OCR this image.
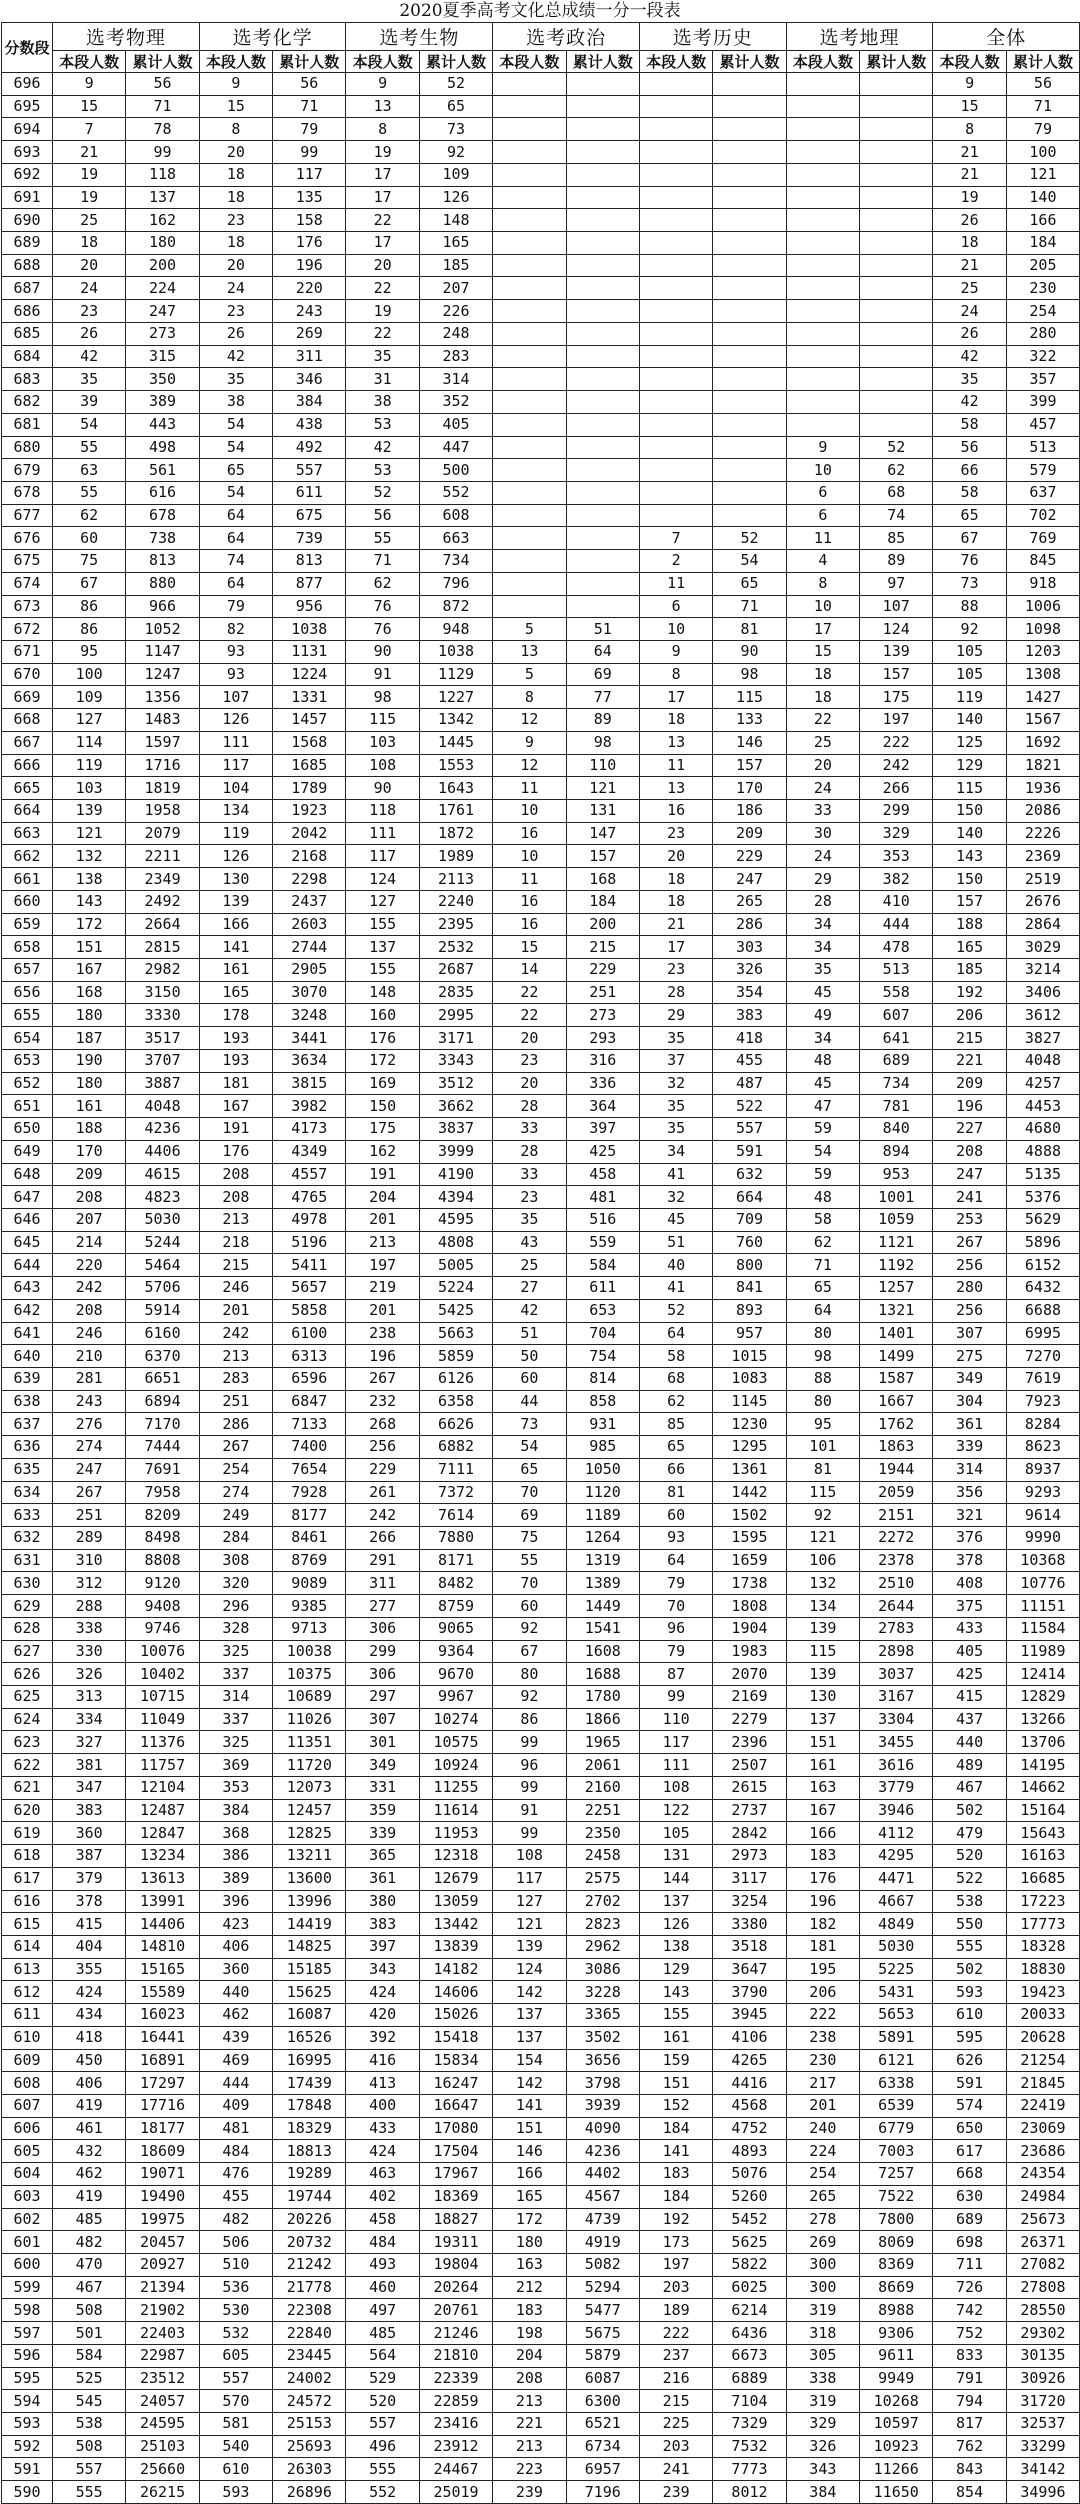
2020夏季高考文化总成绩一分一段表
分数段	选考物理		选考化学		选考生物		选考政治		选考历史		选考地理		全体	
	本段人数	累计人数	本段人数	累计人数	本段人数	累计人数	本段人数	累计人数	本段人数	累计人数	本段人数	累计人数	本段人数	累计人数
696	9	56	9	56	9	52							9	56
695	15	71	15	71	13	65							15	71
694	7	78	8	79	8	73							8	79
693	21	99	20	99	19	92							21	100
692	19	118	18	117	17	109							21	121
691	19	137	18	135	17	126							19	140
690	25	162	23	158	22	148							26	166
689	18	180	18	176	17	165							18	184
688	20	200	20	196	20	185							21	205
687	24	224	24	220	22	207							25	230
686	23	247	23	243	19	226							24	254
685	26	273	26	269	22	248							26	280
684	42	315	42	311	35	283							42	322
683	35	350	35	346	31	314							35	357
682	39	389	38	384	38	352							42	399
681	54	443	54	438	53	405							58	457
680	55	498	54	492	42	447					9	52	56	513
679	63	561	65	557	53	500					10	62	66	579
678	55	616	54	611	52	552					6	68	58	637
677	62	678	64	675	56	608					6	74	65	702
676	60	738	64	739	55	663			7	52	11	85	67	769
675	75	813	74	813	71	734			2	54	4	89	76	845
674	67	880	64	877	62	796			11	65	8	97	73	918
673	86	966	79	956	76	872			6	71	10	107	88	1006
672	86	1052	82	1038	76	948	5	51	10	81	17	124	92	1098
671	95	1147	93	1131	90	1038	13	64	9	90	15	139	105	1203
670	100	1247	93	1224	91	1129	5	69	8	98	18	157	105	1308
669	109	1356	107	1331	98	1227	8	77	17	115	18	175	119	1427
668	127	1483	126	1457	115	1342	12	89	18	133	22	197	140	1567
667	114	1597	111	1568	103	1445	9	98	13	146	25	222	125	1692
666	119	1716	117	1685	108	1553	12	110	11	157	20	242	129	1821
665	103	1819	104	1789	90	1643	11	121	13	170	24	266	115	1936
664	139	1958	134	1923	118	1761	10	131	16	186	33	299	150	2086
663	121	2079	119	2042	111	1872	16	147	23	209	30	329	140	2226
662	132	2211	126	2168	117	1989	10	157	20	229	24	353	143	2369
661	138	2349	130	2298	124	2113	11	168	18	247	29	382	150	2519
660	143	2492	139	2437	127	2240	16	184	18	265	28	410	157	2676
659	172	2664	166	2603	155	2395	16	200	21	286	34	444	188	2864
658	151	2815	141	2744	137	2532	15	215	17	303	34	478	165	3029
657	167	2982	161	2905	155	2687	14	229	23	326	35	513	185	3214
656	168	3150	165	3070	148	2835	22	251	28	354	45	558	192	3406
655	180	3330	178	3248	160	2995	22	273	29	383	49	607	206	3612
654	187	3517	193	3441	176	3171	20	293	35	418	34	641	215	3827
653	190	3707	193	3634	172	3343	23	316	37	455	48	689	221	4048
652	180	3887	181	3815	169	3512	20	336	32	487	45	734	209	4257
651	161	4048	167	3982	150	3662	28	364	35	522	47	781	196	4453
650	188	4236	191	4173	175	3837	33	397	35	557	59	840	227	4680
649	170	4406	176	4349	162	3999	28	425	34	591	54	894	208	4888
648	209	4615	208	4557	191	4190	33	458	41	632	59	953	247	5135
647	208	4823	208	4765	204	4394	23	481	32	664	48	1001	241	5376
646	207	5030	213	4978	201	4595	35	516	45	709	58	1059	253	5629
645	214	5244	218	5196	213	4808	43	559	51	760	62	1121	267	5896
644	220	5464	215	5411	197	5005	25	584	40	800	71	1192	256	6152
643	242	5706	246	5657	219	5224	27	611	41	841	65	1257	280	6432
642	208	5914	201	5858	201	5425	42	653	52	893	64	1321	256	6688
641	246	6160	242	6100	238	5663	51	704	64	957	80	1401	307	6995
640	210	6370	213	6313	196	5859	50	754	58	1015	98	1499	275	7270
639	281	6651	283	6596	267	6126	60	814	68	1083	88	1587	349	7619
638	243	6894	251	6847	232	6358	44	858	62	1145	80	1667	304	7923
637	276	7170	286	7133	268	6626	73	931	85	1230	95	1762	361	8284
636	274	7444	267	7400	256	6882	54	985	65	1295	101	1863	339	8623
635	247	7691	254	7654	229	7111	65	1050	66	1361	81	1944	314	8937
634	267	7958	274	7928	261	7372	70	1120	81	1442	115	2059	356	9293
633	251	8209	249	8177	242	7614	69	1189	60	1502	92	2151	321	9614
632	289	8498	284	8461	266	7880	75	1264	93	1595	121	2272	376	9990
631	310	8808	308	8769	291	8171	55	1319	64	1659	106	2378	378	10368
630	312	9120	320	9089	311	8482	70	1389	79	1738	132	2510	408	10776
629	288	9408	296	9385	277	8759	60	1449	70	1808	134	2644	375	11151
628	338	9746	328	9713	306	9065	92	1541	96	1904	139	2783	433	11584
627	330	10076	325	10038	299	9364	67	1608	79	1983	115	2898	405	11989
626	326	10402	337	10375	306	9670	80	1688	87	2070	139	3037	425	12414
625	313	10715	314	10689	297	9967	92	1780	99	2169	130	3167	415	12829
624	334	11049	337	11026	307	10274	86	1866	110	2279	137	3304	437	13266
623	327	11376	325	11351	301	10575	99	1965	117	2396	151	3455	440	13706
622	381	11757	369	11720	349	10924	96	2061	111	2507	161	3616	489	14195
621	347	12104	353	12073	331	11255	99	2160	108	2615	163	3779	467	14662
620	383	12487	384	12457	359	11614	91	2251	122	2737	167	3946	502	15164
619	360	12847	368	12825	339	11953	99	2350	105	2842	166	4112	479	15643
618	387	13234	386	13211	365	12318	108	2458	131	2973	183	4295	520	16163
617	379	13613	389	13600	361	12679	117	2575	144	3117	176	4471	522	16685
616	378	13991	396	13996	380	13059	127	2702	137	3254	196	4667	538	17223
615	415	14406	423	14419	383	13442	121	2823	126	3380	182	4849	550	17773
614	404	14810	406	14825	397	13839	139	2962	138	3518	181	5030	555	18328
613	355	15165	360	15185	343	14182	124	3086	129	3647	195	5225	502	18830
612	424	15589	440	15625	424	14606	142	3228	143	3790	206	5431	593	19423
611	434	16023	462	16087	420	15026	137	3365	155	3945	222	5653	610	20033
610	418	16441	439	16526	392	15418	137	3502	161	4106	238	5891	595	20628
609	450	16891	469	16995	416	15834	154	3656	159	4265	230	6121	626	21254
608	406	17297	444	17439	413	16247	142	3798	151	4416	217	6338	591	21845
607	419	17716	409	17848	400	16647	141	3939	152	4568	201	6539	574	22419
606	461	18177	481	18329	433	17080	151	4090	184	4752	240	6779	650	23069
605	432	18609	484	18813	424	17504	146	4236	141	4893	224	7003	617	23686
604	462	19071	476	19289	463	17967	166	4402	183	5076	254	7257	668	24354
603	419	19490	455	19744	402	18369	165	4567	184	5260	265	7522	630	24984
602	485	19975	482	20226	458	18827	172	4739	192	5452	278	7800	689	25673
601	482	20457	506	20732	484	19311	180	4919	173	5625	269	8069	698	26371
600	470	20927	510	21242	493	19804	163	5082	197	5822	300	8369	711	27082
599	467	21394	536	21778	460	20264	212	5294	203	6025	300	8669	726	27808
598	508	21902	530	22308	497	20761	183	5477	189	6214	319	8988	742	28550
597	501	22403	532	22840	485	21246	198	5675	222	6436	318	9306	752	29302
596	584	22987	605	23445	564	21810	204	5879	237	6673	305	9611	833	30135
595	525	23512	557	24002	529	22339	208	6087	216	6889	338	9949	791	30926
594	545	24057	570	24572	520	22859	213	6300	215	7104	319	10268	794	31720
593	538	24595	581	25153	557	23416	221	6521	225	7329	329	10597	817	32537
592	508	25103	540	25693	496	23912	213	6734	203	7532	326	10923	762	33299
591	557	25660	610	26303	555	24467	223	6957	241	7773	343	11266	843	34142
590	555	26215	593	26896	552	25019	239	7196	239	8012	384	11650	854	34996
